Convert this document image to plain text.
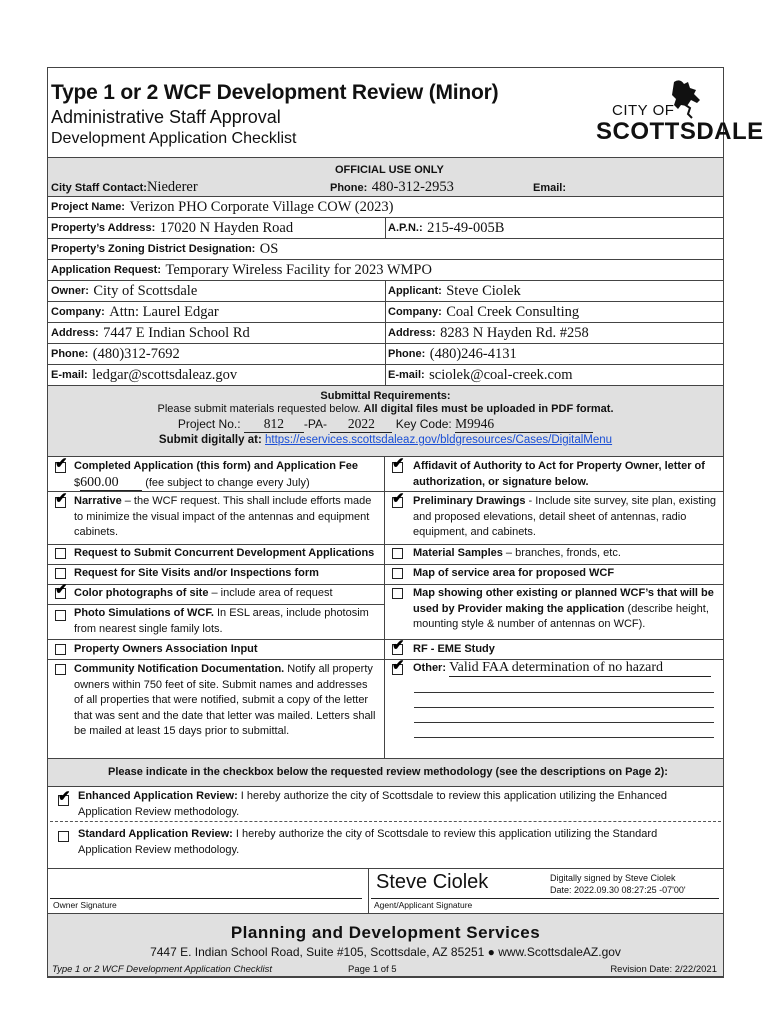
Type 1 or 2 WCF Development Review (Minor)
Administrative Staff Approval
Development Application Checklist
CITY OF
SCOTTSDALE
OFFICIAL USE ONLY
City Staff Contact:Niederer	Phone: 480-312-2953	Email:
Project Name:
Verizon PHO Corporate Village COW (2023)
Property’s Address:
17020 N Hayden Road	A.P.N.:
215-49-005B
Property’s Zoning District Designation:
OS
Application Request:
Temporary Wireless Facility for 2023 WMPO
Owner:
City of Scottsdale	Applicant:
Steve Ciolek
Company:
Attn: Laurel Edgar	Company:
Coal Creek Consulting
Address:
7447 E Indian School Rd	Address:
8283 N Hayden Rd. #258
Phone:
(480)312-7692	Phone:
(480)246-4131
E-mail:
ledgar@scottsdaleaz.gov	E-mail:
sciolek@coal-creek.com
Submittal Requirements:
Please submit materials requested below. All digital files must be uploaded in PDF format.
Project No.: 812 -PA- 2022 Key Code: M9946
Submit digitally at: https://eservices.scottsdaleaz.gov/bldgresources/Cases/DigitalMenu
✔ Completed Application (this form) and Application Fee
$600.00 (fee subject to change every July)
✔ Narrative – the WCF request. This shall include efforts made to minimize the visual impact of the antennas and equipment cabinets.
Request to Submit Concurrent Development Applications
Request for Site Visits and/or Inspections form
✔ Color photographs of site – include area of request
Photo Simulations of WCF. In ESL areas, include photosim from nearest single family lots.
Property Owners Association Input
Community Notification Documentation. Notify all property owners within 750 feet of site. Submit names and addresses of all properties that were notified, submit a copy of the letter that was sent and the date that letter was mailed. Letters shall be mailed at least 15 days prior to submittal.
✔ Affidavit of Authority to Act for Property Owner, letter of authorization, or signature below.
✔ Preliminary Drawings - Include site survey, site plan, existing and proposed elevations, detail sheet of antennas, radio equipment, and cabinets.
Material Samples – branches, fronds, etc.
Map of service area for proposed WCF
Map showing other existing or planned WCF’s that will be used by Provider making the application (describe height, mounting style & number of antennas on WCF).
✔ RF - EME Study
✔ Other: Valid FAA determination of no hazard
Please indicate in the checkbox below the requested review methodology (see the descriptions on Page 2):
✔ Enhanced Application Review: I hereby authorize the city of Scottsdale to review this application utilizing the Enhanced Application Review methodology.
Standard Application Review: I hereby authorize the city of Scottsdale to review this application utilizing the Standard Application Review methodology.
Owner Signature	Agent/Applicant Signature
Steve Ciolek	Digitally signed by Steve Ciolek
Date: 2022.09.30 08:27:25 -07'00'
Planning and Development Services
7447 E. Indian School Road, Suite #105, Scottsdale, AZ 85251 ● www.ScottsdaleAZ.gov
Type 1 or 2 WCF Development Application Checklist	Page 1 of 5	Revision Date: 2/22/2021
